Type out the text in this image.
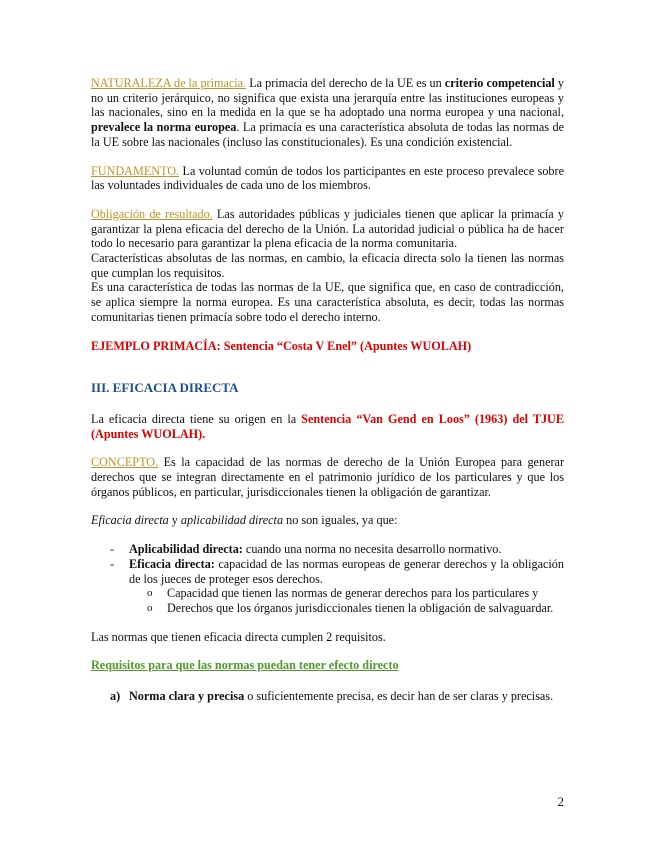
NATURALEZA de la primacía. La primacía del derecho de la UE es un criterio competencial y no un criterio jerárquico, no significa que exista una jerarquía entre las instituciones europeas y las nacionales, sino en la medida en la que se ha adoptado una norma europea y una nacional, prevalece la norma europea. La primacía es una característica absoluta de todas las normas de la UE sobre las nacionales (incluso las constitucionales). Es una condición existencial.

FUNDAMENTO. La voluntad común de todos los participantes en este proceso prevalece sobre las voluntades individuales de cada uno de los miembros.

Obligación de resultado. Las autoridades públicas y judiciales tienen que aplicar la primacía y garantizar la plena eficacia del derecho de la Unión. La autoridad judicial o pública ha de hacer todo lo necesario para garantizar la plena eficacia de la norma comunitaria.

Características absolutas de las normas, en cambio, la eficacia directa solo la tienen las normas que cumplan los requisitos.

Es una característica de todas las normas de la UE, que significa que, en caso de contradicción, se aplica siempre la norma europea. Es una característica absoluta, es decir, todas las normas comunitarias tienen primacía sobre todo el derecho interno.

EJEMPLO PRIMACÍA: Sentencia “Costa V Enel” (Apuntes WUOLAH)

III. EFICACIA DIRECTA

La eficacia directa tiene su origen en la Sentencia “Van Gend en Loos” (1963) del TJUE (Apuntes WUOLAH).

CONCEPTO. Es la capacidad de las normas de derecho de la Unión Europea para generar derechos que se integran directamente en el patrimonio jurídico de los particulares y que los órganos públicos, en particular, jurisdiccionales tienen la obligación de garantizar.

Eficacia directa y aplicabilidad directa no son iguales, ya que:

- Aplicabilidad directa: cuando una norma no necesita desarrollo normativo.
- Eficacia directa: capacidad de las normas europeas de generar derechos y la obligación de los jueces de proteger esos derechos.
o Capacidad que tienen las normas de generar derechos para los particulares y
o Derechos que los órganos jurisdiccionales tienen la obligación de salvaguardar.

Las normas que tienen eficacia directa cumplen 2 requisitos.

Requisitos para que las normas puedan tener efecto directo

a) Norma clara y precisa o suficientemente precisa, es decir han de ser claras y precisas.
2
